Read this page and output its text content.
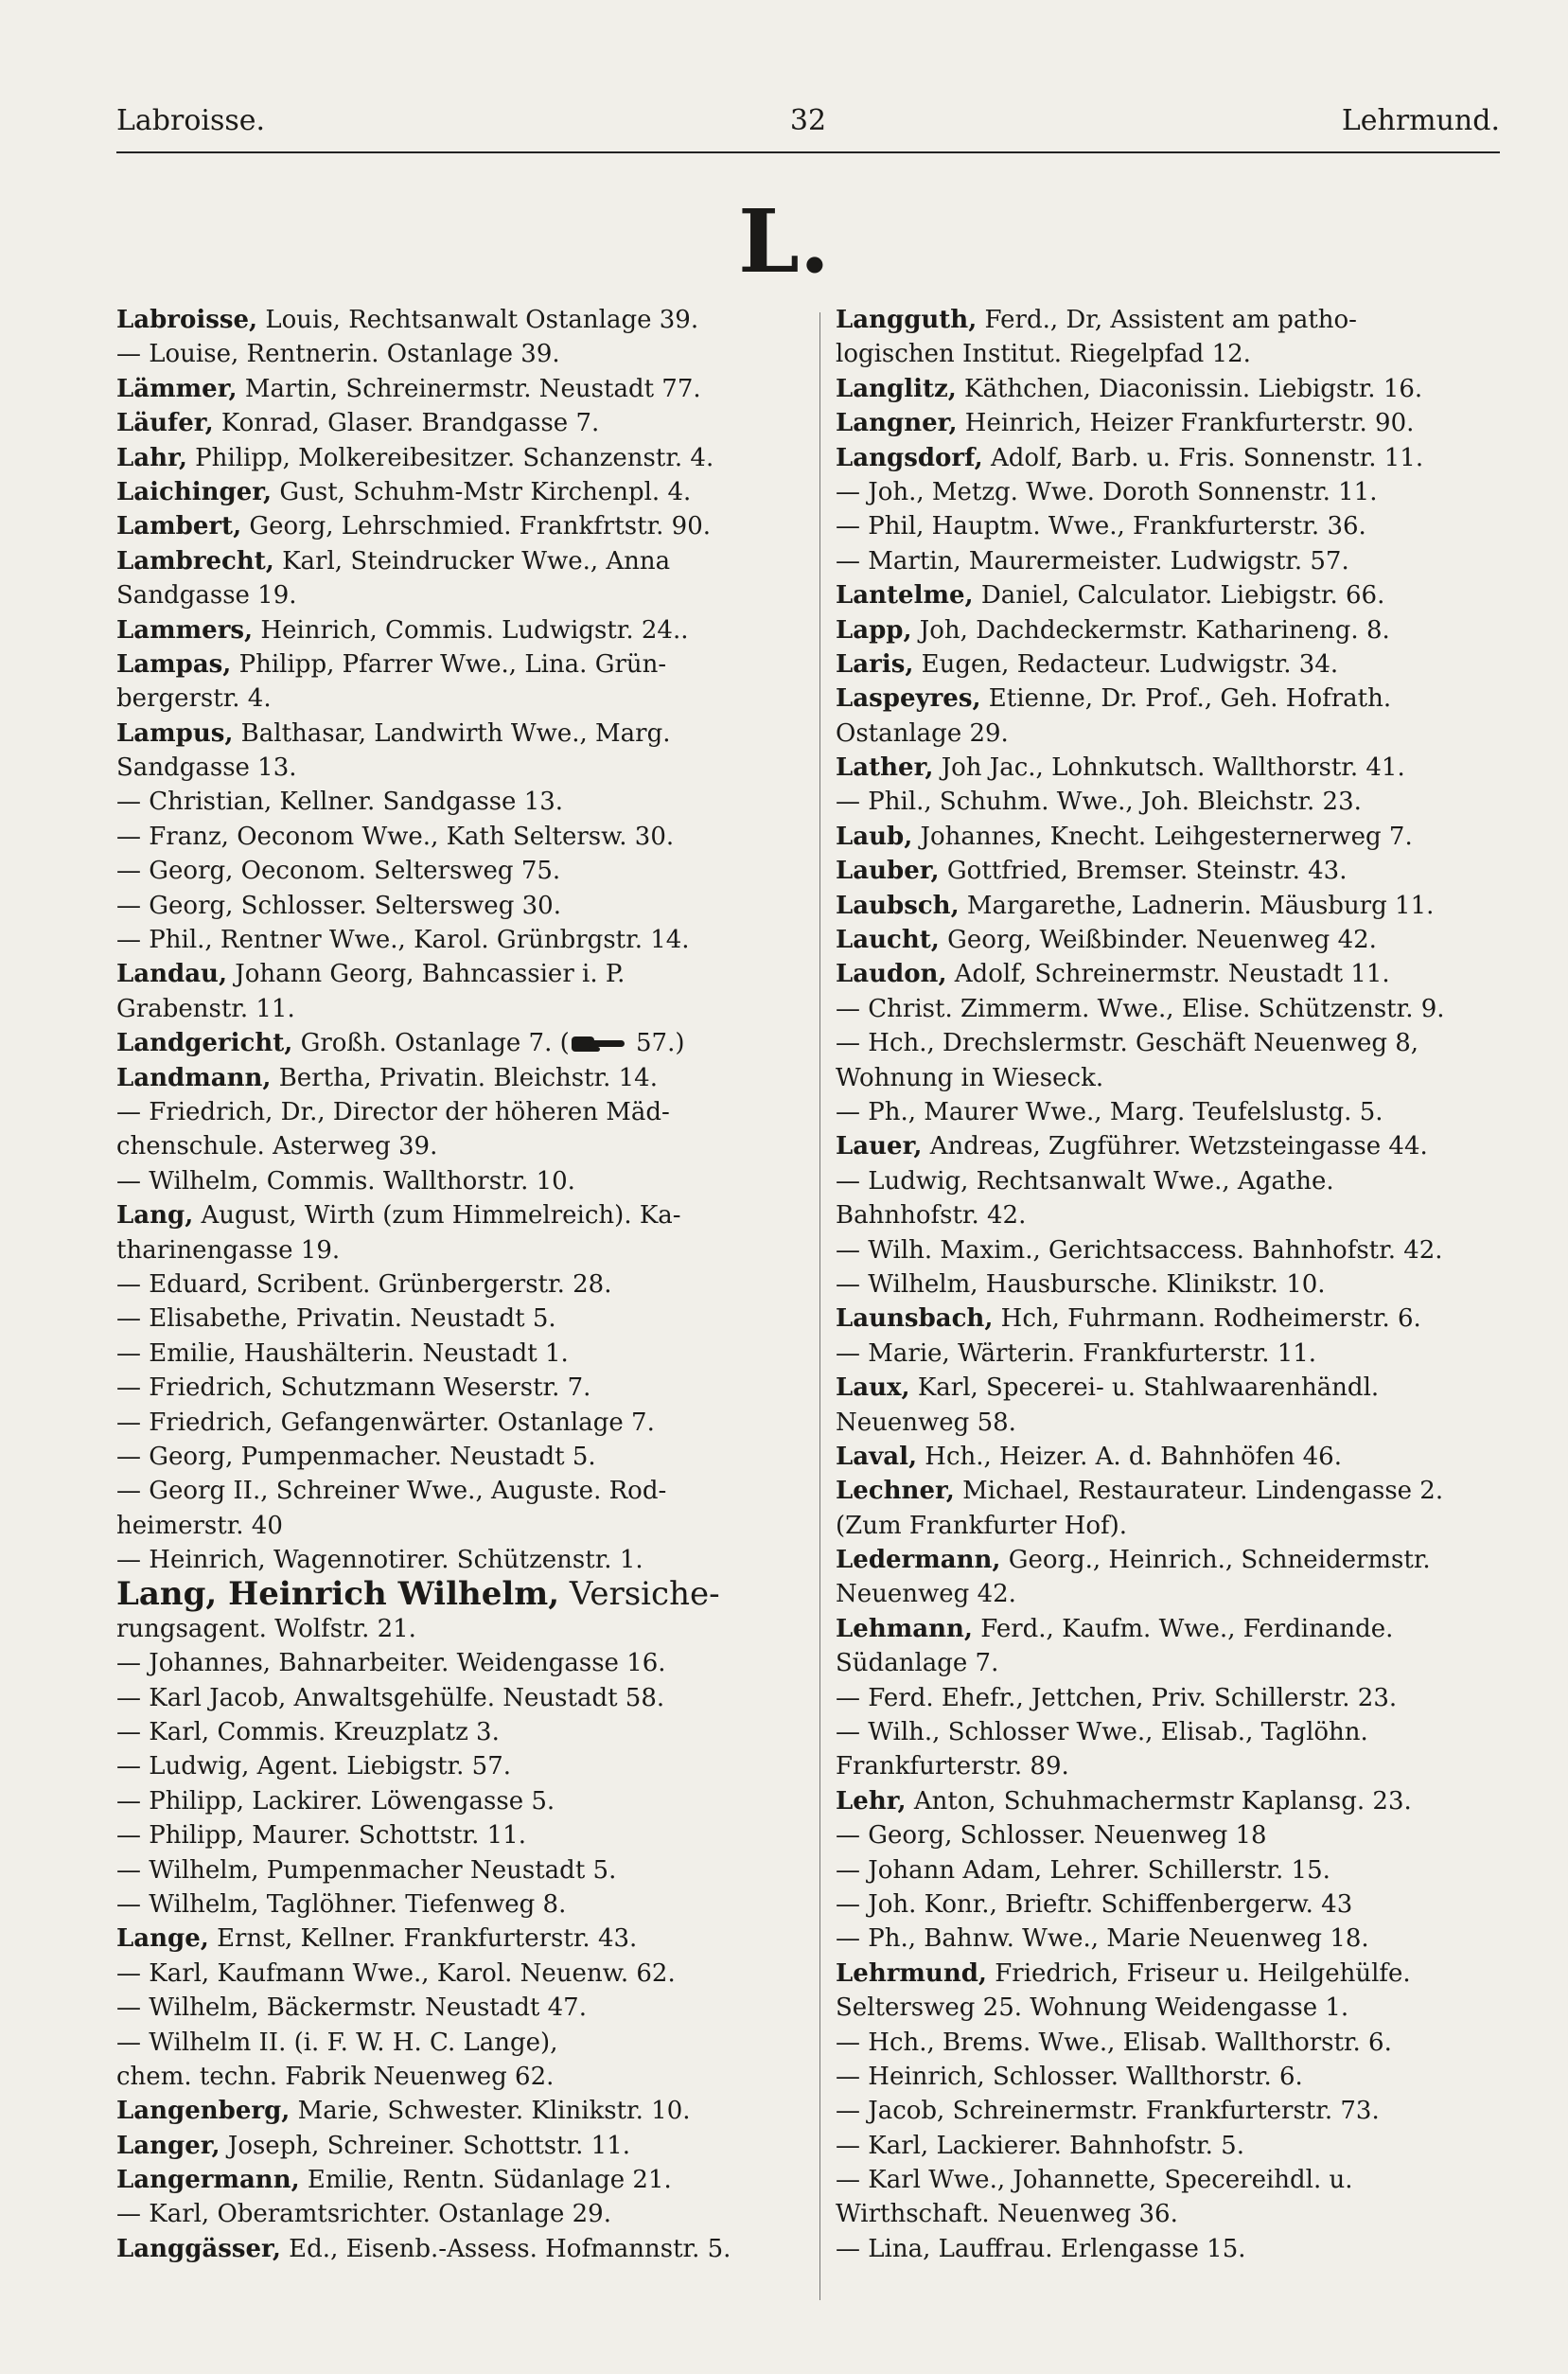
Labroisse.	32	Lehrmund.
L.
Labroisse, Louis, Rechtsanwalt Ostanlage 39.
— Louise, Rentnerin. Ostanlage 39.
Lämmer, Martin, Schreinermstr. Neustadt 77.
Läufer, Konrad, Glaser. Brandgasse 7.
Lahr, Philipp, Molkereibesitzer. Schanzenstr. 4.
Laichinger, Gust, Schuhm-Mstr Kirchenpl. 4.
Lambert, Georg, Lehrschmied. Frankfrtstr. 90.
Lambrecht, Karl, Steindrucker Wwe., Anna
Sandgasse 19.
Lammers, Heinrich, Commis. Ludwigstr. 24..
Lampas, Philipp, Pfarrer Wwe., Lina. Grün-
bergerstr. 4.
Lampus, Balthasar, Landwirth Wwe., Marg.
Sandgasse 13.
— Christian, Kellner. Sandgasse 13.
— Franz, Oeconom Wwe., Kath Seltersw. 30.
— Georg, Oeconom. Seltersweg 75.
— Georg, Schlosser. Seltersweg 30.
— Phil., Rentner Wwe., Karol. Grünbrgstr. 14.
Landau, Johann Georg, Bahncassier i. P.
Grabenstr. 11.
Landgericht, Großh. Ostanlage 7. ( 57.)
Landmann, Bertha, Privatin. Bleichstr. 14.
— Friedrich, Dr., Director der höheren Mäd-
chenschule. Asterweg 39.
— Wilhelm, Commis. Wallthorstr. 10.
Lang, August, Wirth (zum Himmelreich). Ka-
tharinengasse 19.
— Eduard, Scribent. Grünbergerstr. 28.
— Elisabethe, Privatin. Neustadt 5.
— Emilie, Haushälterin. Neustadt 1.
— Friedrich, Schutzmann Weserstr. 7.
— Friedrich, Gefangenwärter. Ostanlage 7.
— Georg, Pumpenmacher. Neustadt 5.
— Georg II., Schreiner Wwe., Auguste. Rod-
heimerstr. 40
— Heinrich, Wagennotirer. Schützenstr. 1.
Lang, Heinrich Wilhelm, Versiche-
rungsagent. Wolfstr. 21.
— Johannes, Bahnarbeiter. Weidengasse 16.
— Karl Jacob, Anwaltsgehülfe. Neustadt 58.
— Karl, Commis. Kreuzplatz 3.
— Ludwig, Agent. Liebigstr. 57.
— Philipp, Lackirer. Löwengasse 5.
— Philipp, Maurer. Schottstr. 11.
— Wilhelm, Pumpenmacher Neustadt 5.
— Wilhelm, Taglöhner. Tiefenweg 8.
Lange, Ernst, Kellner. Frankfurterstr. 43.
— Karl, Kaufmann Wwe., Karol. Neuenw. 62.
— Wilhelm, Bäckermstr. Neustadt 47.
— Wilhelm II. (i. F. W. H. C. Lange),
chem. techn. Fabrik Neuenweg 62.
Langenberg, Marie, Schwester. Klinikstr. 10.
Langer, Joseph, Schreiner. Schottstr. 11.
Langermann, Emilie, Rentn. Südanlage 21.
— Karl, Oberamtsrichter. Ostanlage 29.
Langgässer, Ed., Eisenb.-Assess. Hofmannstr. 5.
Langguth, Ferd., Dr, Assistent am patho-
logischen Institut. Riegelpfad 12.
Langlitz, Käthchen, Diaconissin. Liebigstr. 16.
Langner, Heinrich, Heizer Frankfurterstr. 90.
Langsdorf, Adolf, Barb. u. Fris. Sonnenstr. 11.
— Joh., Metzg. Wwe. Doroth Sonnenstr. 11.
— Phil, Hauptm. Wwe., Frankfurterstr. 36.
— Martin, Maurermeister. Ludwigstr. 57.
Lantelme, Daniel, Calculator. Liebigstr. 66.
Lapp, Joh, Dachdeckermstr. Katharineng. 8.
Laris, Eugen, Redacteur. Ludwigstr. 34.
Laspeyres, Etienne, Dr. Prof., Geh. Hofrath.
Ostanlage 29.
Lather, Joh Jac., Lohnkutsch. Wallthorstr. 41.
— Phil., Schuhm. Wwe., Joh. Bleichstr. 23.
Laub, Johannes, Knecht. Leihgesternerweg 7.
Lauber, Gottfried, Bremser. Steinstr. 43.
Laubsch, Margarethe, Ladnerin. Mäusburg 11.
Laucht, Georg, Weißbinder. Neuenweg 42.
Laudon, Adolf, Schreinermstr. Neustadt 11.
— Christ. Zimmerm. Wwe., Elise. Schützenstr. 9.
— Hch., Drechslermstr. Geschäft Neuenweg 8,
Wohnung in Wieseck.
— Ph., Maurer Wwe., Marg. Teufelslustg. 5.
Lauer, Andreas, Zugführer. Wetzsteingasse 44.
— Ludwig, Rechtsanwalt Wwe., Agathe.
Bahnhofstr. 42.
— Wilh. Maxim., Gerichtsaccess. Bahnhofstr. 42.
— Wilhelm, Hausbursche. Klinikstr. 10.
Launsbach, Hch, Fuhrmann. Rodheimerstr. 6.
— Marie, Wärterin. Frankfurterstr. 11.
Laux, Karl, Specerei- u. Stahlwaarenhändl.
Neuenweg 58.
Laval, Hch., Heizer. A. d. Bahnhöfen 46.
Lechner, Michael, Restaurateur. Lindengasse 2.
(Zum Frankfurter Hof).
Ledermann, Georg., Heinrich., Schneidermstr.
Neuenweg 42.
Lehmann, Ferd., Kaufm. Wwe., Ferdinande.
Südanlage 7.
— Ferd. Ehefr., Jettchen, Priv. Schillerstr. 23.
— Wilh., Schlosser Wwe., Elisab., Taglöhn.
Frankfurterstr. 89.
Lehr, Anton, Schuhmachermstr Kaplansg. 23.
— Georg, Schlosser. Neuenweg 18
— Johann Adam, Lehrer. Schillerstr. 15.
— Joh. Konr., Brieftr. Schiffenbergerw. 43
— Ph., Bahnw. Wwe., Marie Neuenweg 18.
Lehrmund, Friedrich, Friseur u. Heilgehülfe.
Seltersweg 25. Wohnung Weidengasse 1.
— Hch., Brems. Wwe., Elisab. Wallthorstr. 6.
— Heinrich, Schlosser. Wallthorstr. 6.
— Jacob, Schreinermstr. Frankfurterstr. 73.
— Karl, Lackierer. Bahnhofstr. 5.
— Karl Wwe., Johannette, Specereihdl. u.
Wirthschaft. Neuenweg 36.
— Lina, Lauffrau. Erlengasse 15.
